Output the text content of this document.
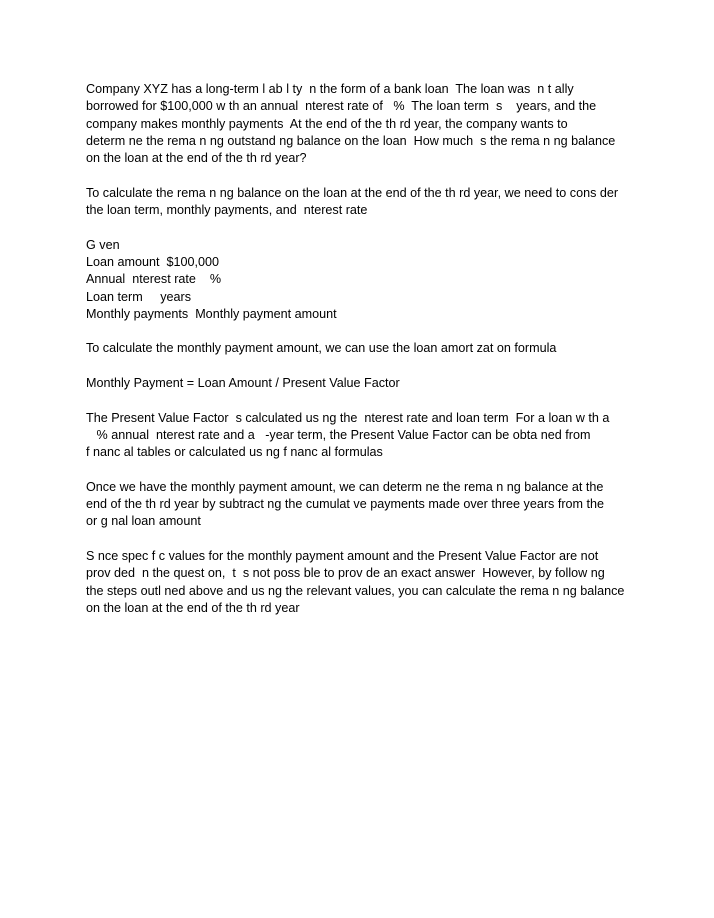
Company XYZ has a long-term l ab l ty  n the form of a bank loan  The loan was  n t ally
borrowed for $100,000 w th an annual  nterest rate of   %  The loan term  s    years, and the
company makes monthly payments  At the end of the th rd year, the company wants to
determ ne the rema n ng outstand ng balance on the loan  How much  s the rema n ng balance
on the loan at the end of the th rd year?
To calculate the rema n ng balance on the loan at the end of the th rd year, we need to cons der
the loan term, monthly payments, and  nterest rate
G ven
Loan amount  $100,000
Annual  nterest rate    %
Loan term     years
Monthly payments  Monthly payment amount
To calculate the monthly payment amount, we can use the loan amort zat on formula
Monthly Payment = Loan Amount / Present Value Factor
The Present Value Factor  s calculated us ng the  nterest rate and loan term  For a loan w th a
% annual  nterest rate and a   -year term, the Present Value Factor can be obta ned from
f nanc al tables or calculated us ng f nanc al formulas
Once we have the monthly payment amount, we can determ ne the rema n ng balance at the
end of the th rd year by subtract ng the cumulat ve payments made over three years from the
or g nal loan amount
S nce spec f c values for the monthly payment amount and the Present Value Factor are not
prov ded  n the quest on,  t  s not poss ble to prov de an exact answer  However, by follow ng
the steps outl ned above and us ng the relevant values, you can calculate the rema n ng balance
on the loan at the end of the th rd year
